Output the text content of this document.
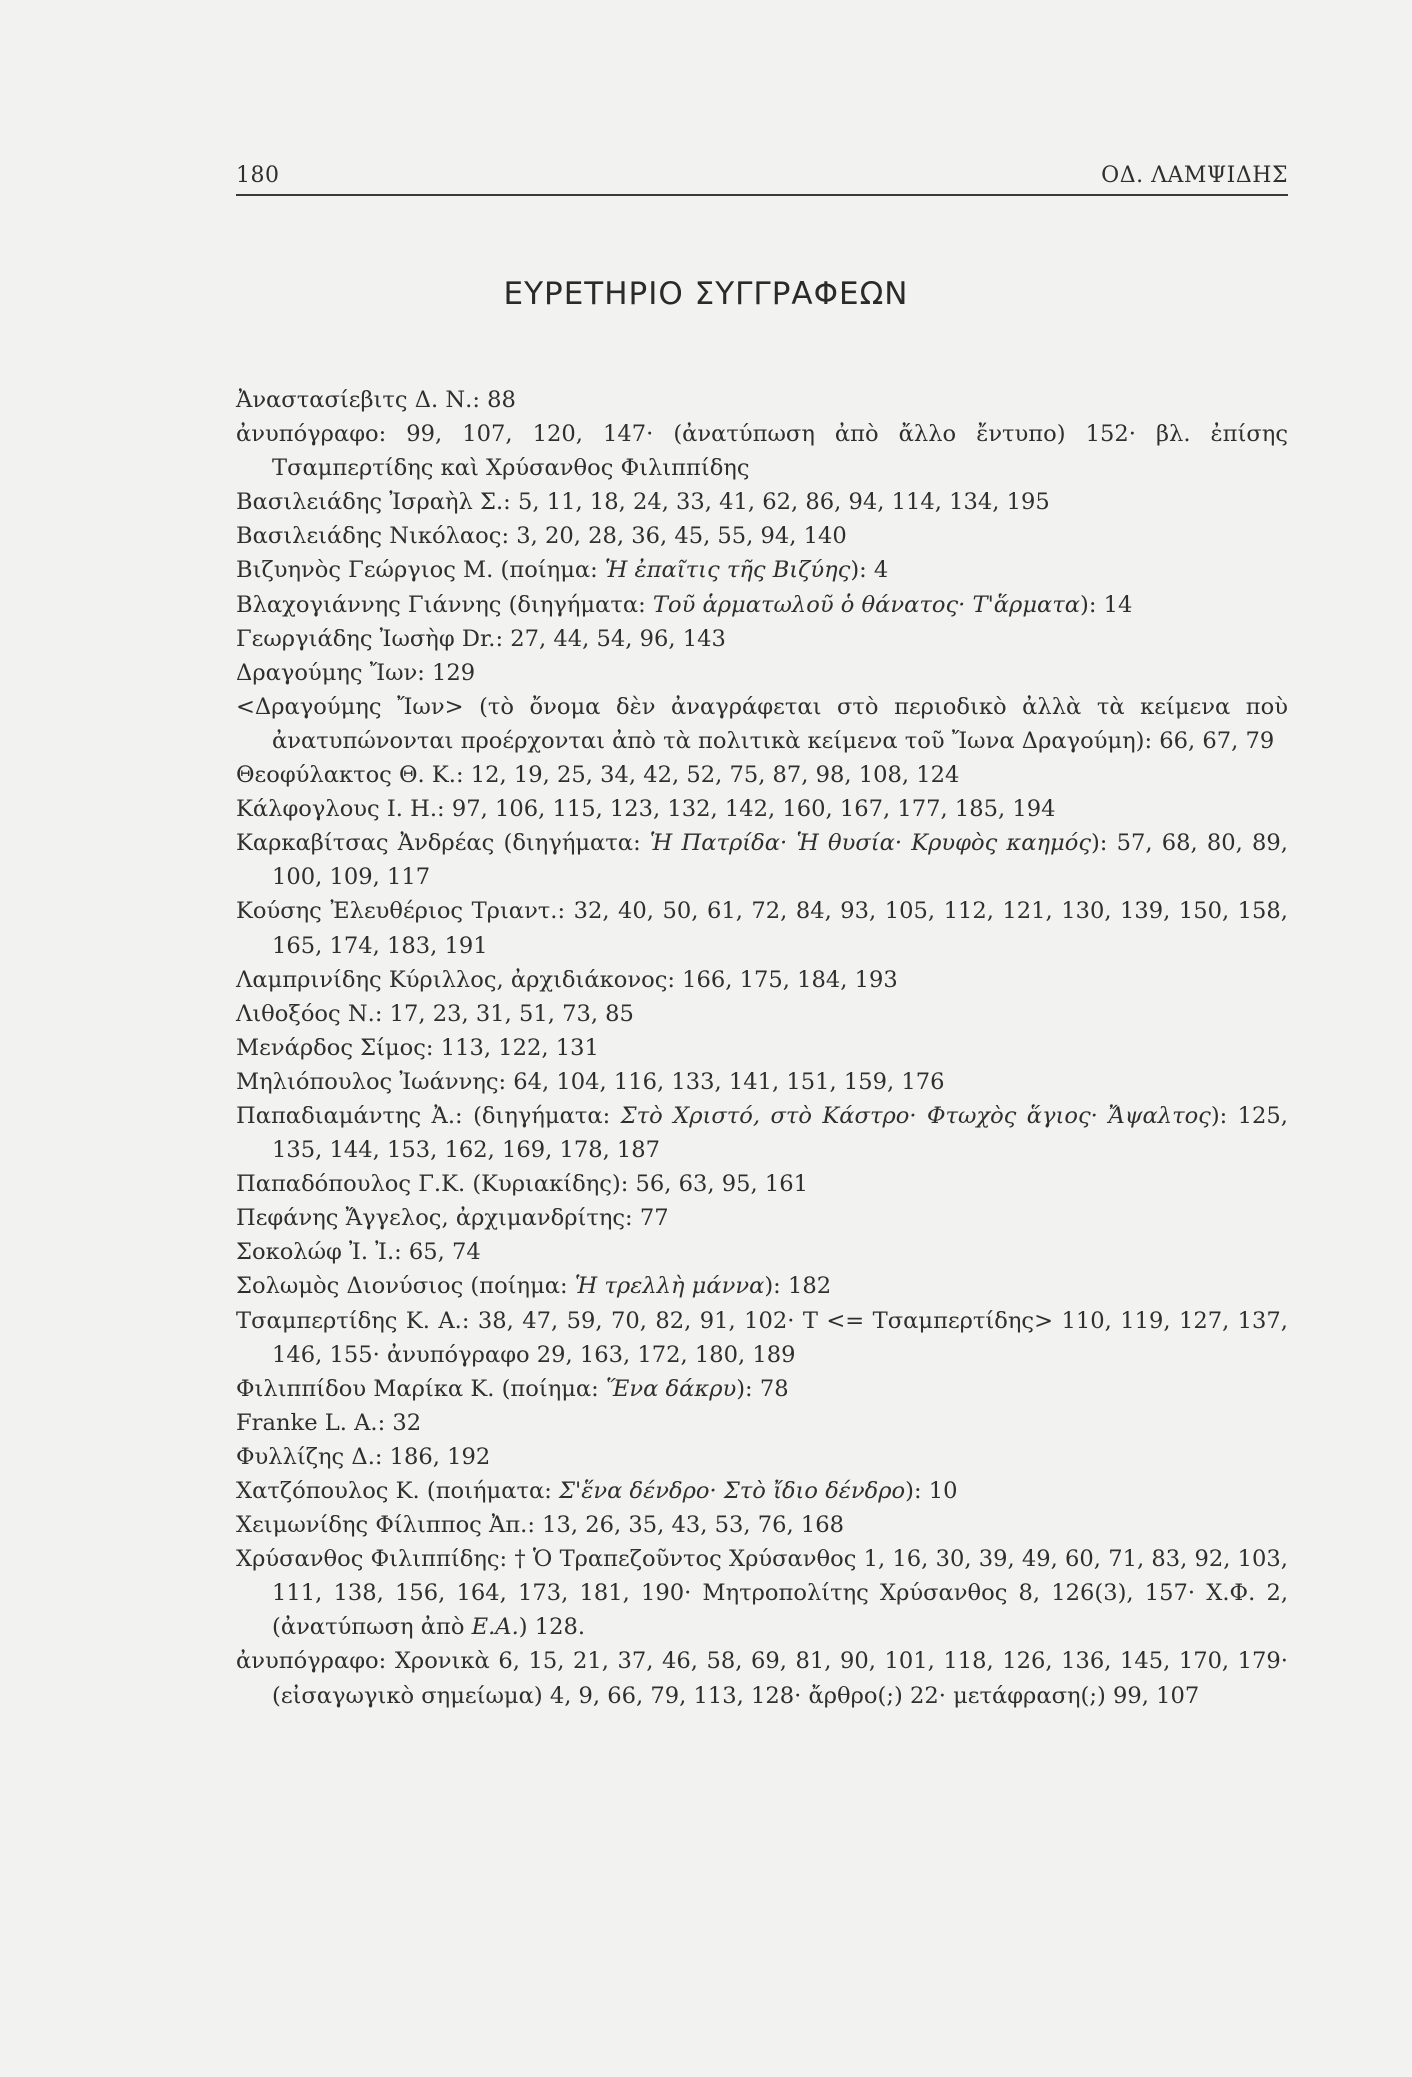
180	ΟΔ. ΛΑΜΨΙΔΗΣ
ΕΥΡΕΤΗΡΙΟ ΣΥΓΓΡΑΦΕΩΝ
Ἀναστασίεβιτς Δ. Ν.: 88
ἀνυπόγραφο: 99, 107, 120, 147· (ἀνατύπωση ἀπὸ ἄλλο ἔντυπο) 152· βλ. ἐπίσης Τσαμπερτίδης καὶ Χρύσανθος Φιλιππίδης
Βασιλειάδης Ἰσραὴλ Σ.: 5, 11, 18, 24, 33, 41, 62, 86, 94, 114, 134, 195
Βασιλειάδης Νικόλαος: 3, 20, 28, 36, 45, 55, 94, 140
Βιζυηνὸς Γεώργιος Μ. (ποίημα: Ἡ ἐπαῖτις τῆς Βιζύης): 4
Βλαχογιάννης Γιάννης (διηγήματα: Τοῦ ἁρματωλοῦ ὁ θάνατος· Τ'ἅρματα): 14
Γεωργιάδης Ἰωσὴφ Dr.: 27, 44, 54, 96, 143
Δραγούμης Ἴων: 129
<Δραγούμης Ἴων> (τὸ ὄνομα δὲν ἀναγράφεται στὸ περιοδικὸ ἀλλὰ τὰ κείμενα ποὺ ἀνατυπώνονται προέρχονται ἀπὸ τὰ πολιτικὰ κείμενα τοῦ Ἴωνα Δραγούμη): 66, 67, 79
Θεοφύλακτος Θ. Κ.: 12, 19, 25, 34, 42, 52, 75, 87, 98, 108, 124
Κάλφογλους Ι. Η.: 97, 106, 115, 123, 132, 142, 160, 167, 177, 185, 194
Καρκαβίτσας Ἀνδρέας (διηγήματα: Ἡ Πατρίδα· Ἡ θυσία· Κρυφὸς καημός): 57, 68, 80, 89, 100, 109, 117
Κούσης Ἐλευθέριος Τριαντ.: 32, 40, 50, 61, 72, 84, 93, 105, 112, 121, 130, 139, 150, 158, 165, 174, 183, 191
Λαμπρινίδης Κύριλλος, ἀρχιδιάκονος: 166, 175, 184, 193
Λιθοξόος Ν.: 17, 23, 31, 51, 73, 85
Μενάρδος Σίμος: 113, 122, 131
Μηλιόπουλος Ἰωάννης: 64, 104, 116, 133, 141, 151, 159, 176
Παπαδιαμάντης Ἀ.: (διηγήματα: Στὸ Χριστό, στὸ Κάστρο· Φτωχὸς ἅγιος· Ἄψαλτος): 125, 135, 144, 153, 162, 169, 178, 187
Παπαδόπουλος Γ.Κ. (Κυριακίδης): 56, 63, 95, 161
Πεφάνης Ἄγγελος, ἀρχιμανδρίτης: 77
Σοκολώφ Ἰ. Ἰ.: 65, 74
Σολωμὸς Διονύσιος (ποίημα: Ἡ τρελλὴ μάννα): 182
Τσαμπερτίδης Κ. Α.: 38, 47, 59, 70, 82, 91, 102· Τ <= Τσαμπερτίδης> 110, 119, 127, 137, 146, 155· ἀνυπόγραφο 29, 163, 172, 180, 189
Φιλιππίδου Μαρίκα Κ. (ποίημα: Ἕνα δάκρυ): 78
Franke L. A.: 32
Φυλλίζης Δ.: 186, 192
Χατζόπουλος Κ. (ποιήματα: Σ'ἕνα δένδρο· Στὸ ἴδιο δένδρο): 10
Χειμωνίδης Φίλιππος Ἀπ.: 13, 26, 35, 43, 53, 76, 168
Χρύσανθος Φιλιππίδης: † Ὁ Τραπεζοῦντος Χρύσανθος 1, 16, 30, 39, 49, 60, 71, 83, 92, 103, 111, 138, 156, 164, 173, 181, 190· Μητροπολίτης Χρύσανθος 8, 126(3), 157· Χ.Φ. 2, (ἀνατύπωση ἀπὸ Ε.Α.) 128.
ἀνυπόγραφο: Χρονικὰ 6, 15, 21, 37, 46, 58, 69, 81, 90, 101, 118, 126, 136, 145, 170, 179· (εἰσαγωγικὸ σημείωμα) 4, 9, 66, 79, 113, 128· ἄρθρο(;) 22· μετάφραση(;) 99, 107
